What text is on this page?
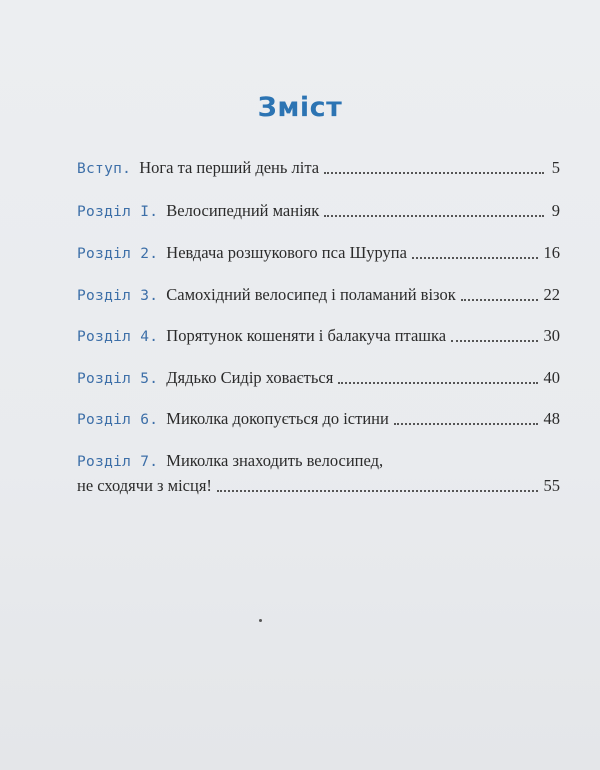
Зміст
Вступ. Нога та перший день літа	5
Розділ I. Велосипедний маніяк	9
Розділ 2. Невдача розшукового пса Шурупа	16
Розділ 3. Самохідний велосипед і поламаний візок	22
Розділ 4. Порятунок кошеняти і балакуча пташка	30
Розділ 5. Дядько Сидір ховається	40
Розділ 6. Миколка докопується до істини	48
Розділ 7. Миколка знаходить велосипед,
не сходячи з місця!	55
